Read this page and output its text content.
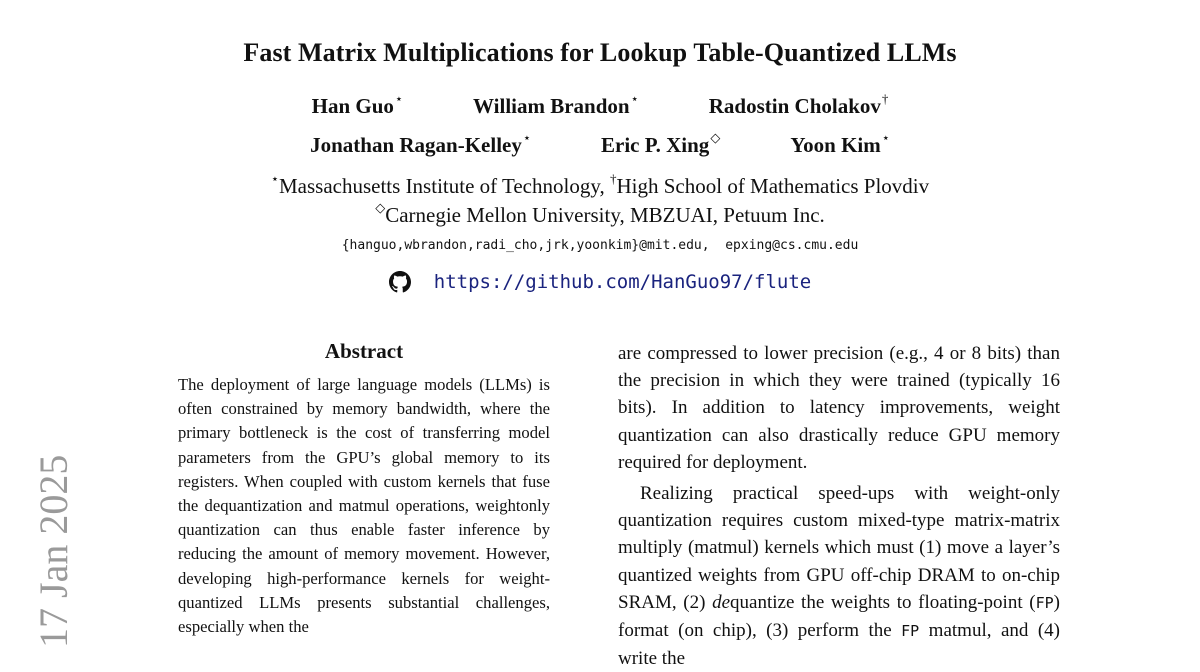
Fast Matrix Multiplications for Lookup Table-Quantized LLMs
Han Guo⋆	William Brandon⋆	Radostin Cholakov†
Jonathan Ragan-Kelley⋆	Eric P. Xing◇	Yoon Kim⋆
⋆Massachusetts Institute of Technology, †High School of Mathematics Plovdiv
◇Carnegie Mellon University, MBZUAI, Petuum Inc.
{hanguo,wbrandon,radi_cho,jrk,yoonkim}@mit.edu,  epxing@cs.cmu.edu
https://github.com/HanGuo97/flute
Abstract
The deployment of large language models (LLMs) is often constrained by memory bandwidth, where the primary bottleneck is the cost of transferring model parameters from the GPU’s global memory to its registers. When coupled with custom kernels that fuse the dequantization and matmul operations, weightonly quantization can thus enable faster inference by reducing the amount of memory movement. However, developing high-performance kernels for weight-quantized LLMs presents substantial challenges, especially when the

are compressed to lower precision (e.g., 4 or 8 bits) than the precision in which they were trained (typically 16 bits). In addition to latency improvements, weight quantization can also drastically reduce GPU memory required for deployment.

Realizing practical speed-ups with weight-only quantization requires custom mixed-type matrix-matrix multiply (matmul) kernels which must (1) move a layer’s quantized weights from GPU off-chip DRAM to on-chip SRAM, (2) dequantize the weights to floating-point (FP) format (on chip), (3) perform the FP matmul, and (4) write the

17 Jan 2025
